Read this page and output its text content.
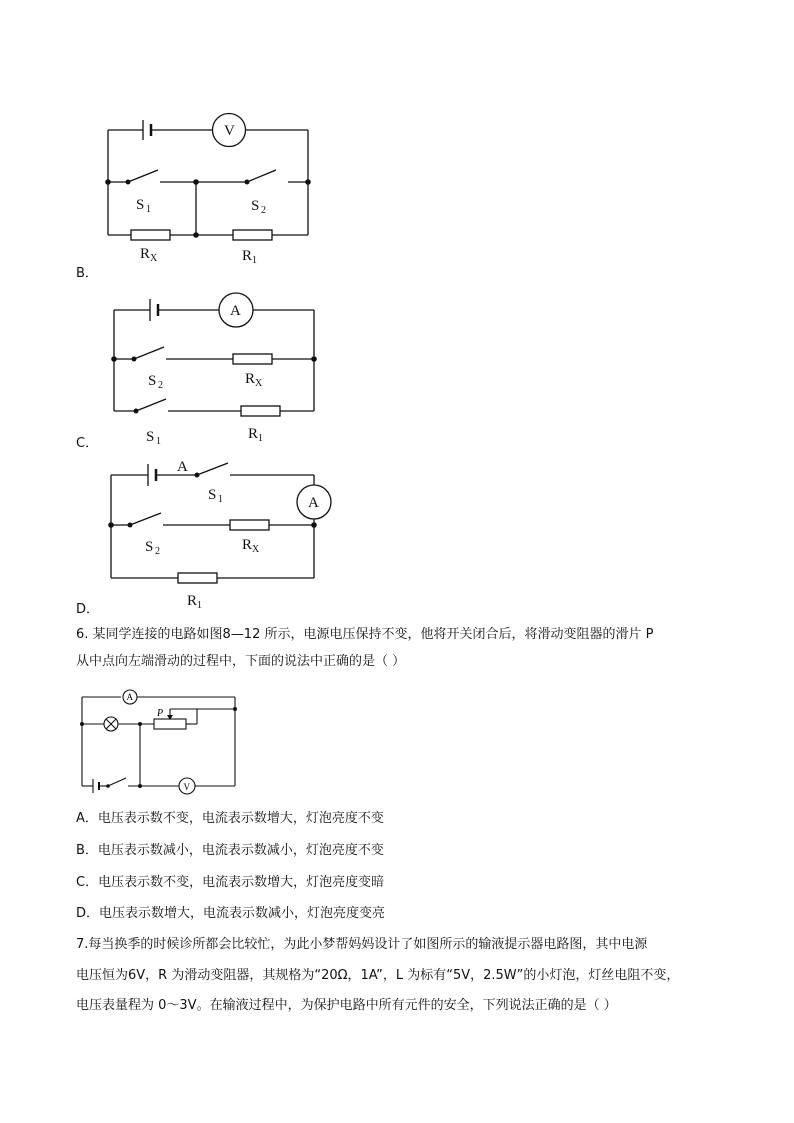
V
S 1	S 2
R X	R 1
B．
A
S 2	R X
S 1	R 1
C．
A
A
S 1
S 2	R X
R 1
D．
6. 某同学连接的电路如图8—12 所示，电源电压保持不变，他将开关闭合后，将滑动变阻器的滑片 P
从中点向左端滑动的过程中，下面的说法中正确的是（ ）
A
V
P
A．电压表示数不变，电流表示数增大，灯泡亮度不变
B．电压表示数减小，电流表示数减小，灯泡亮度不变
C．电压表示数不变，电流表示数增大，灯泡亮度变暗
D．电压表示数增大，电流表示数减小，灯泡亮度变亮
7.每当换季的时候诊所都会比较忙，为此小梦帮妈妈设计了如图所示的输液提示器电路图，其中电源
电压恒为6V，R 为滑动变阻器，其规格为“20Ω，1A”，L 为标有“5V，2.5W”的小灯泡，灯丝电阻不变，
电压表量程为 0～3V。在输液过程中，为保护电路中所有元件的安全，下列说法正确的是（ ）
